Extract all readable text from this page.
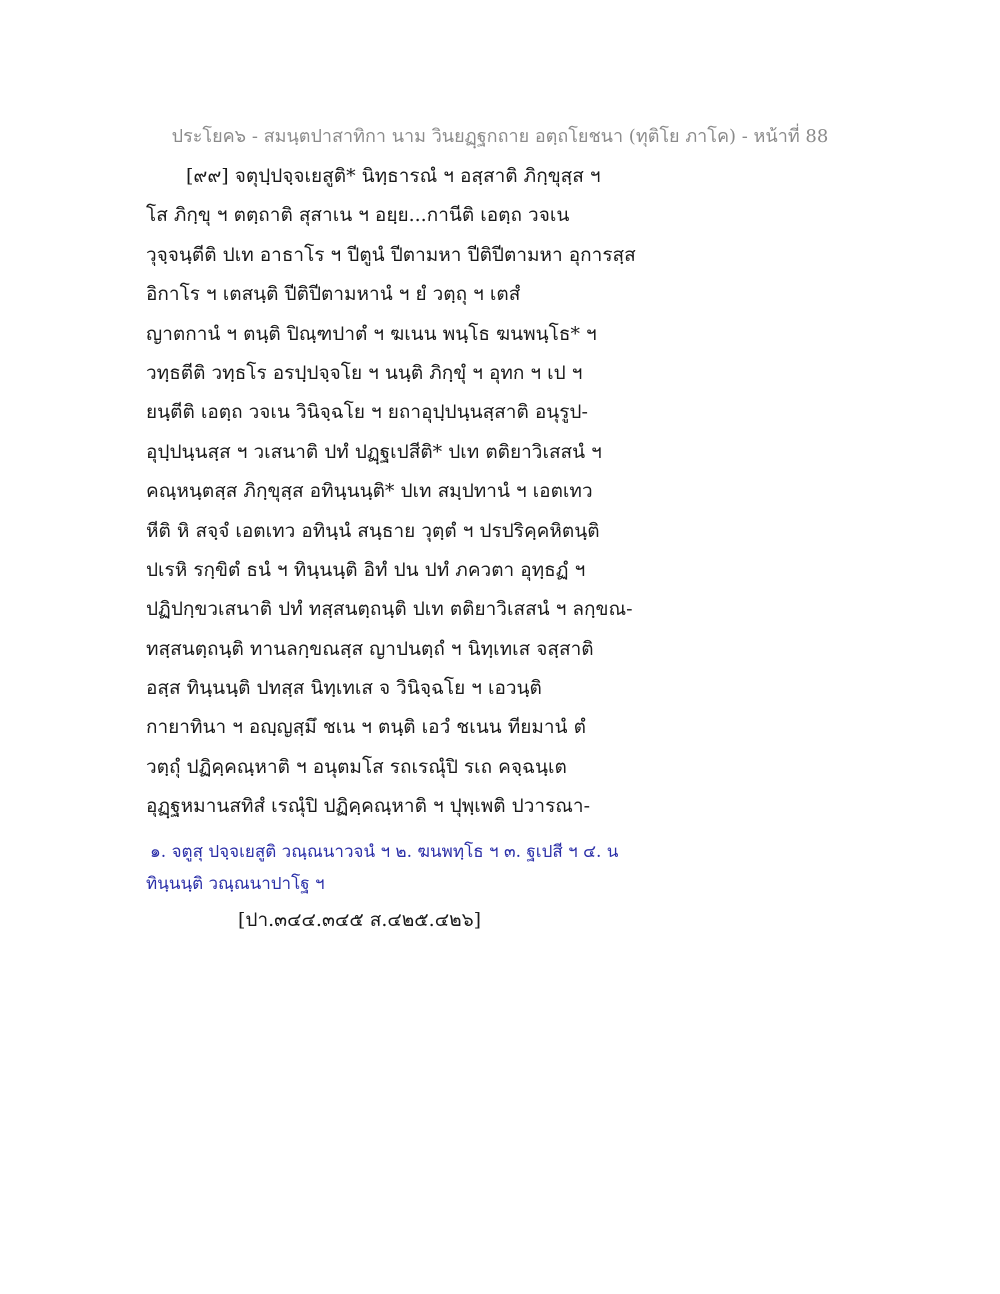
ประโยค๖ - สมนฺตปาสาทิกา นาม วินยฏฺฐกถาย อตฺถโยชนา (ทุติโย ภาโค) - หน้าที่ 88
[๙๙] จตุปฺปจฺจเยสูติ* นิทฺธารณํ ฯ อสฺสาติ ภิกฺขุสฺส ฯ
โส ภิกฺขุ ฯ ตตฺถาติ สุสาเน ฯ อยฺย...กานีติ เอตฺถ วจเน
วุจฺจนฺตีติ ปเท อาธาโร ฯ ปีตูนํ ปีตามหา ปีติปีตามหา อุการสฺส
อิกาโร ฯ เตสนฺติ ปีติปีตามหานํ ฯ ยํ วตฺถุ ฯ เตสํ
ญาตกานํ ฯ ตนฺติ ปิณฺฑปาตํ ฯ ฆเนน พนฺโธ ฆนพนฺโธ* ฯ
วทฺธตีติ วทฺธโร อรปฺปจฺจโย ฯ นนฺติ ภิกฺขุํ ฯ อุทก ฯ เป ฯ
ยนฺตีติ เอตฺถ วจเน วินิจฺฉโย ฯ ยถาอุปฺปนฺนสฺสาติ อนุรูป-
อุปฺปนฺนสฺส ฯ วเสนาติ ปทํ ปฏฺฐเปสีติ* ปเท ตติยาวิเสสนํ ฯ
คณฺหนฺตสฺส ภิกฺขุสฺส อทินฺนนฺติ* ปเท สมฺปทานํ ฯ เอตเทว
หีติ หิ สจฺจํ เอตเทว อทินฺนํ สนฺธาย วุตฺตํ ฯ ปรปริคฺคหิตนฺติ
ปเรหิ รกฺขิตํ ธนํ ฯ ทินฺนนฺติ อิทํ ปน ปทํ ภควตา อุทฺธฏํ ฯ
ปฏิปกฺขวเสนาติ ปทํ ทสฺสนตฺถนฺติ ปเท ตติยาวิเสสนํ ฯ ลกฺขณ-
ทสฺสนตฺถนฺติ ทานลกฺขณสฺส ญาปนตฺถํ ฯ นิทฺเทเส จสฺสาติ
อสฺส ทินฺนนฺติ ปทสฺส นิทฺเทเส จ วินิจฺฉโย ฯ เอวนฺติ
กายาทินา ฯ อญฺญสฺมึ ชเน ฯ ตนฺติ เอวํ ชเนน ทียมานํ ตํ
วตฺถุํ ปฏิคฺคณฺหาติ ฯ อนุตมโส รถเรณุํปิ รเถ คจฺฉนฺเต
อุฏฺฐหมานสทิสํ เรณุํปิ ปฏิคฺคณฺหาติ ฯ ปุพฺเพติ ปวารณา-
๑. จตูสุ ปจฺจเยสูติ วณฺณนาวจนํ ฯ ๒. ฆนพทฺโธ ฯ ๓. ฐเปสี ฯ ๔. น
ทินฺนนฺติ วณฺณนาปาโฐ ฯ
[ปา.๓๔๔.๓๔๕ ส.๔๒๕.๔๒๖]
